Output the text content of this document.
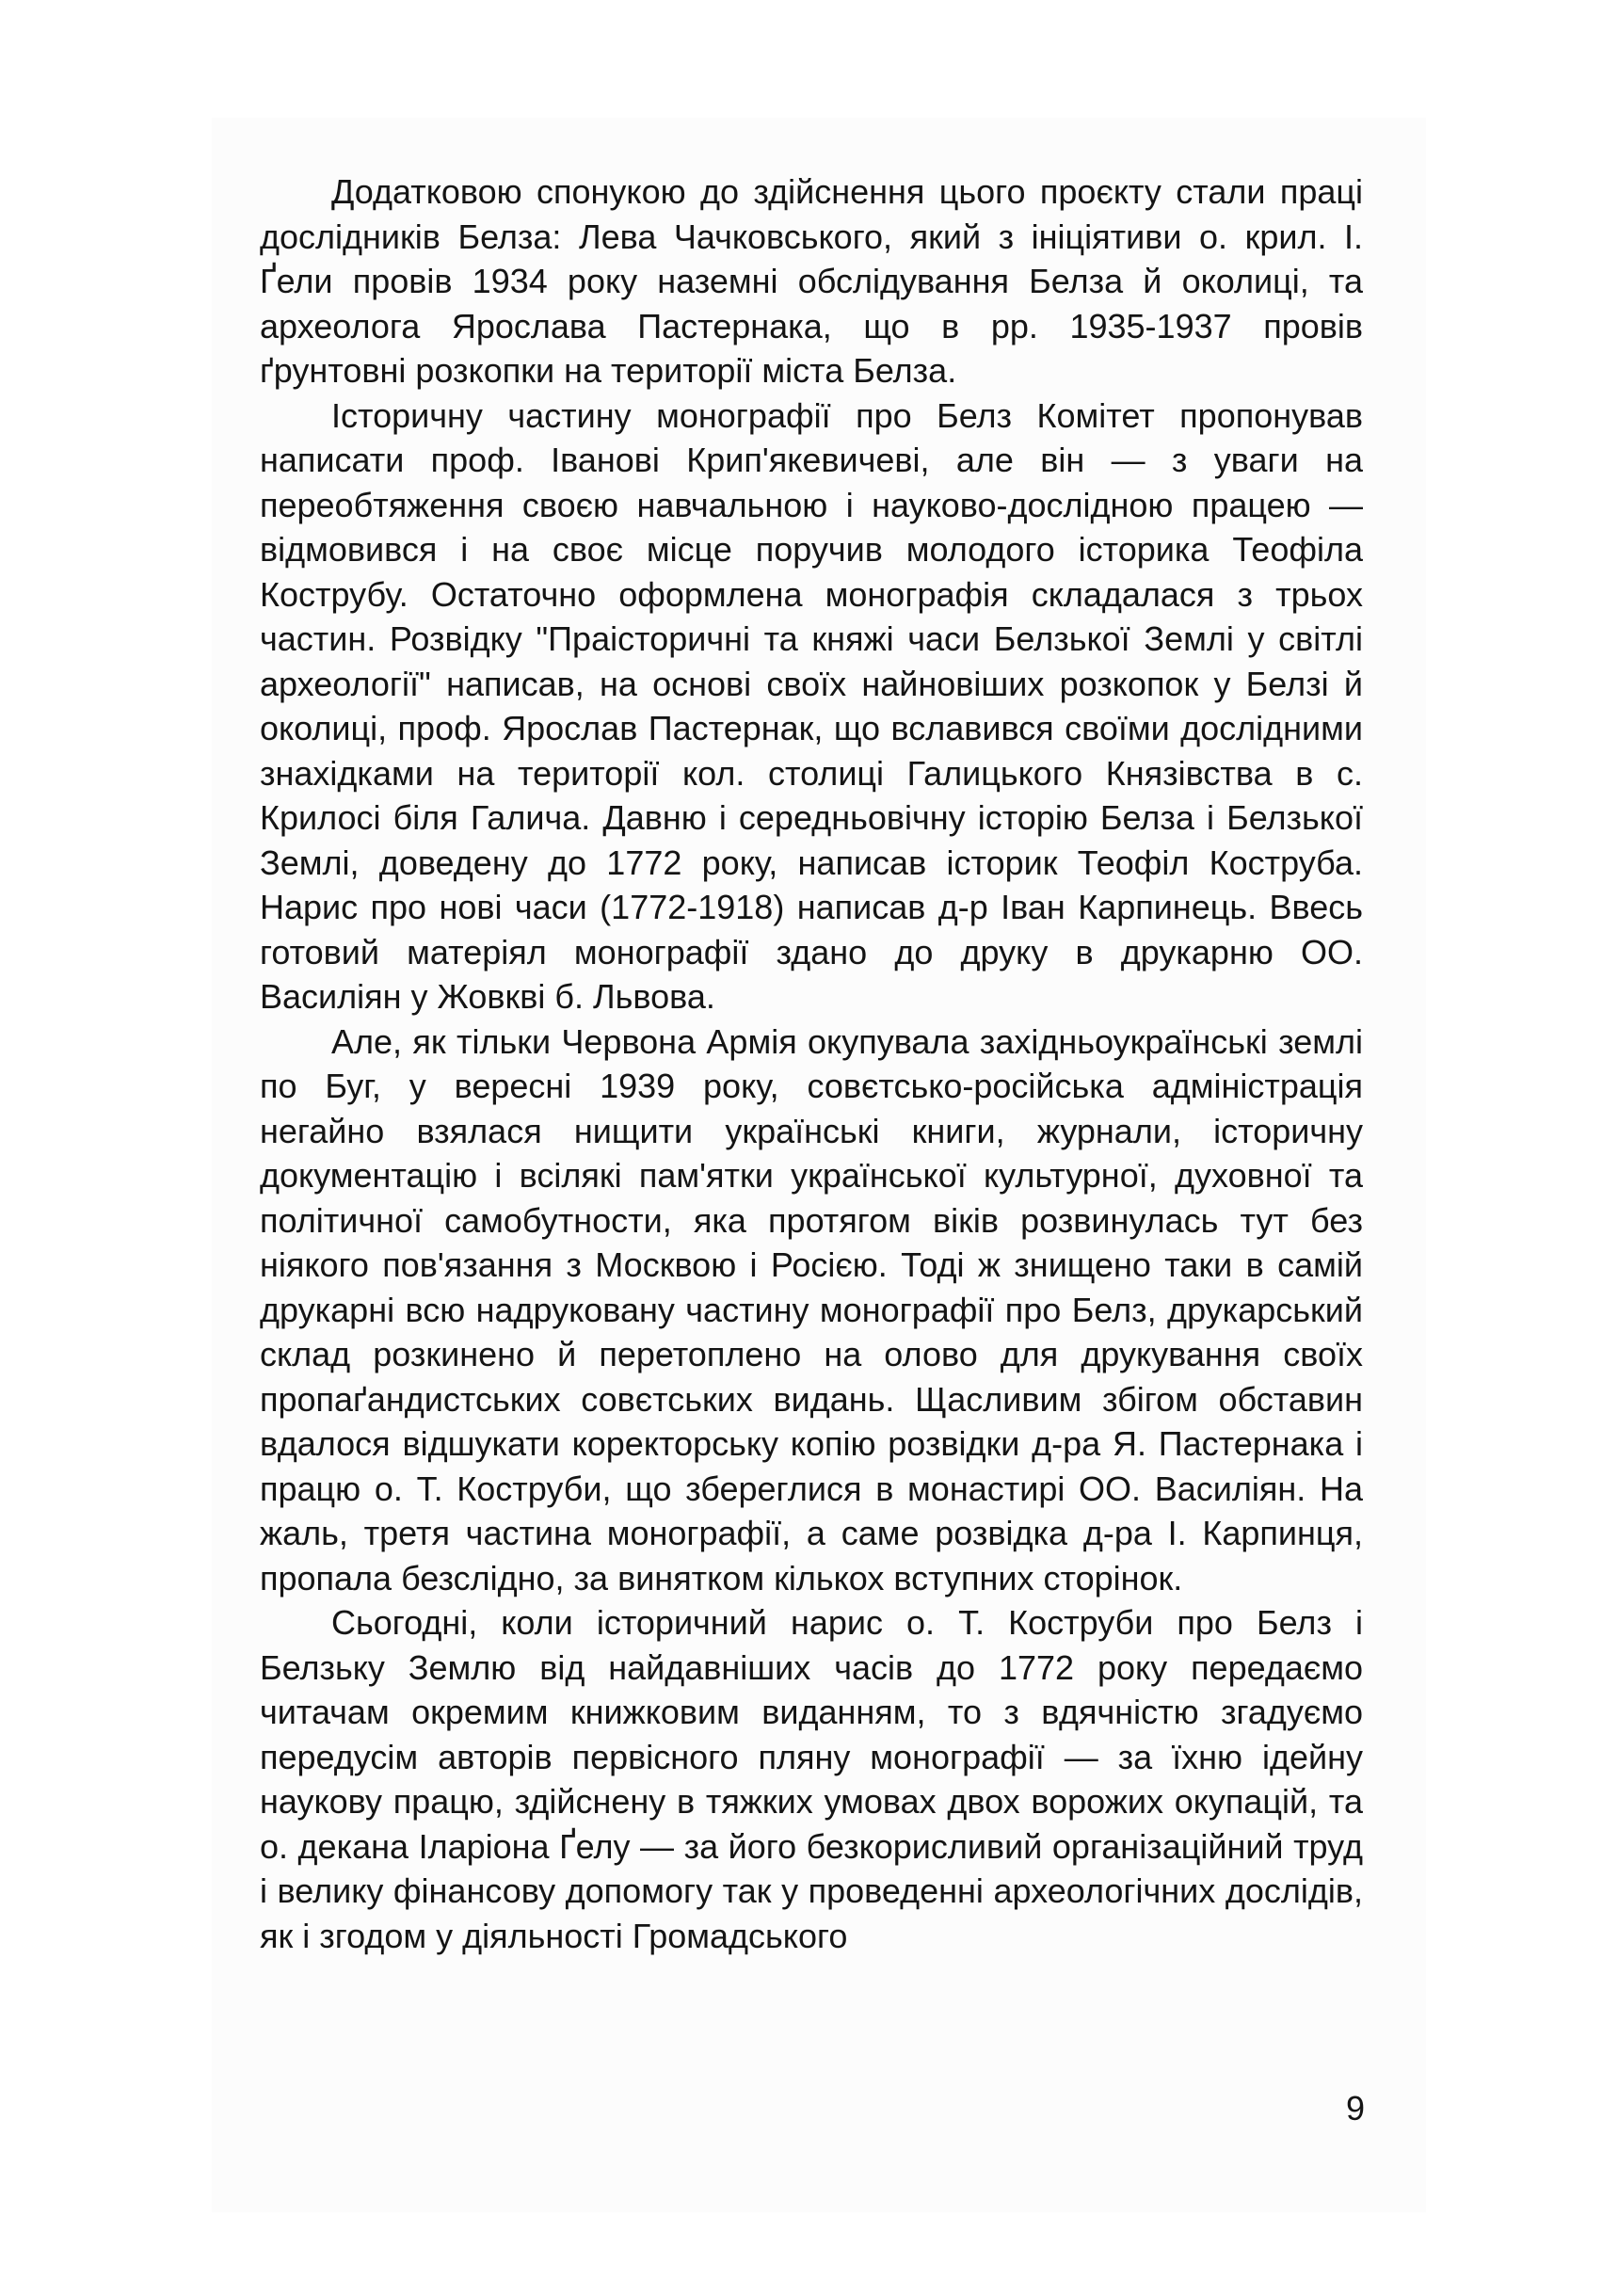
Додатковою спонукою до здійснення цього проєкту стали праці дослідників Белза: Лева Чачковського, який з ініціятиви о. крил. І. Ґели провів 1934 року наземні обслідування Белза й околиці, та археолога Ярослава Пастернака, що в рр. 1935-1937 провів ґрунтовні розкопки на території міста Белза.

Історичну частину монографії про Белз Комітет пропонував написати проф. Іванові Крип'якевичеві, але він — з уваги на переобтяження своєю навчальною і науково-дослідною працею — відмовився і на своє місце поручив молодого історика Теофіла Кострубу. Остаточно оформлена монографія складалася з трьох частин. Розвідку "Праісторичні та княжі часи Белзької Землі у світлі археології" написав, на основі своїх найновіших розкопок у Белзі й околиці, проф. Ярослав Пастернак, що вславився своїми дослідними знахідками на території кол. столиці Галицького Князівства в с. Крилосі біля Галича. Давню і середньовічну історію Белза і Белзької Землі, доведену до 1772 року, написав історик Теофіл Коструба. Нарис про нові часи (1772-1918) написав д-р Іван Карпинець. Ввесь готовий матеріял монографії здано до друку в друкарню ОО. Василіян у Жовкві б. Львова.

Але, як тільки Червона Армія окупувала західньоукраїнські землі по Буг, у вересні 1939 року, совєтсько-російська адміністрація негайно взялася нищити українські книги, журнали, історичну документацію і всілякі пам'ятки української культурної, духовної та політичної самобутности, яка протягом віків розвинулась тут без ніякого пов'язання з Москвою і Росією. Тоді ж знищено таки в самій друкарні всю надруковану частину монографії про Белз, друкарський склад розкинено й перетоплено на олово для друкування своїх пропаґандистських совєтських видань. Щасливим збігом обставин вдалося відшукати коректорську копію розвідки д-ра Я. Пастернака і працю о. Т. Коструби, що збереглися в монастирі ОО. Василіян. На жаль, третя частина монографії, а саме розвідка д-ра І. Карпинця, пропала безслідно, за винятком кількох вступних сторінок.

Сьогодні, коли історичний нарис о. Т. Коструби про Белз і Белзьку Землю від найдавніших часів до 1772 року передаємо читачам окремим книжковим виданням, то з вдячністю згадуємо передусім авторів первісного пляну монографії — за їхню ідейну наукову працю, здійснену в тяжких умовах двох ворожих окупацій, та о. декана Іларіона Ґелу — за його безкорисливий організаційний труд і велику фінансову допомогу так у проведенні археологічних дослідів, як і згодом у діяльності Громадського

9
